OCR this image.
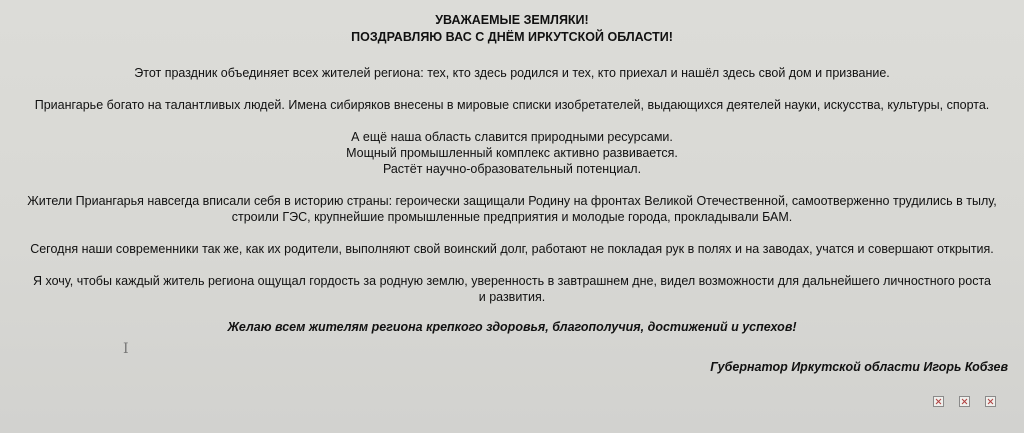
УВАЖАЕМЫЕ ЗЕМЛЯКИ!
ПОЗДРАВЛЯЮ ВАС С ДНЁМ ИРКУТСКОЙ ОБЛАСТИ!
Этот праздник объединяет всех жителей региона: тех, кто здесь родился и тех, кто приехал и нашёл здесь свой дом и призвание.
Приангарье богато на талантливых людей. Имена сибиряков внесены в мировые списки изобретателей, выдающихся деятелей науки, искусства, культуры, спорта.
А ещё наша область славится природными ресурсами.
Мощный промышленный комплекс активно развивается.
Растёт научно-образовательный потенциал.
Жители Приангарья навсегда вписали себя в историю страны: героически защищали Родину на фронтах Великой Отечественной, самоотверженно трудились в тылу,
строили ГЭС, крупнейшие промышленные предприятия и молодые города, прокладывали БАМ.
Сегодня наши современники так же, как их родители, выполняют свой воинский долг, работают не покладая рук в полях и на заводах, учатся и совершают открытия.
Я хочу, чтобы каждый житель региона ощущал гордость за родную землю, уверенность в завтрашнем дне, видел возможности для дальнейшего личностного роста
и развития.
Желаю всем жителям региона крепкого здоровья, благополучия, достижений и успехов!
Губернатор Иркутской области Игорь Кобзев
I
